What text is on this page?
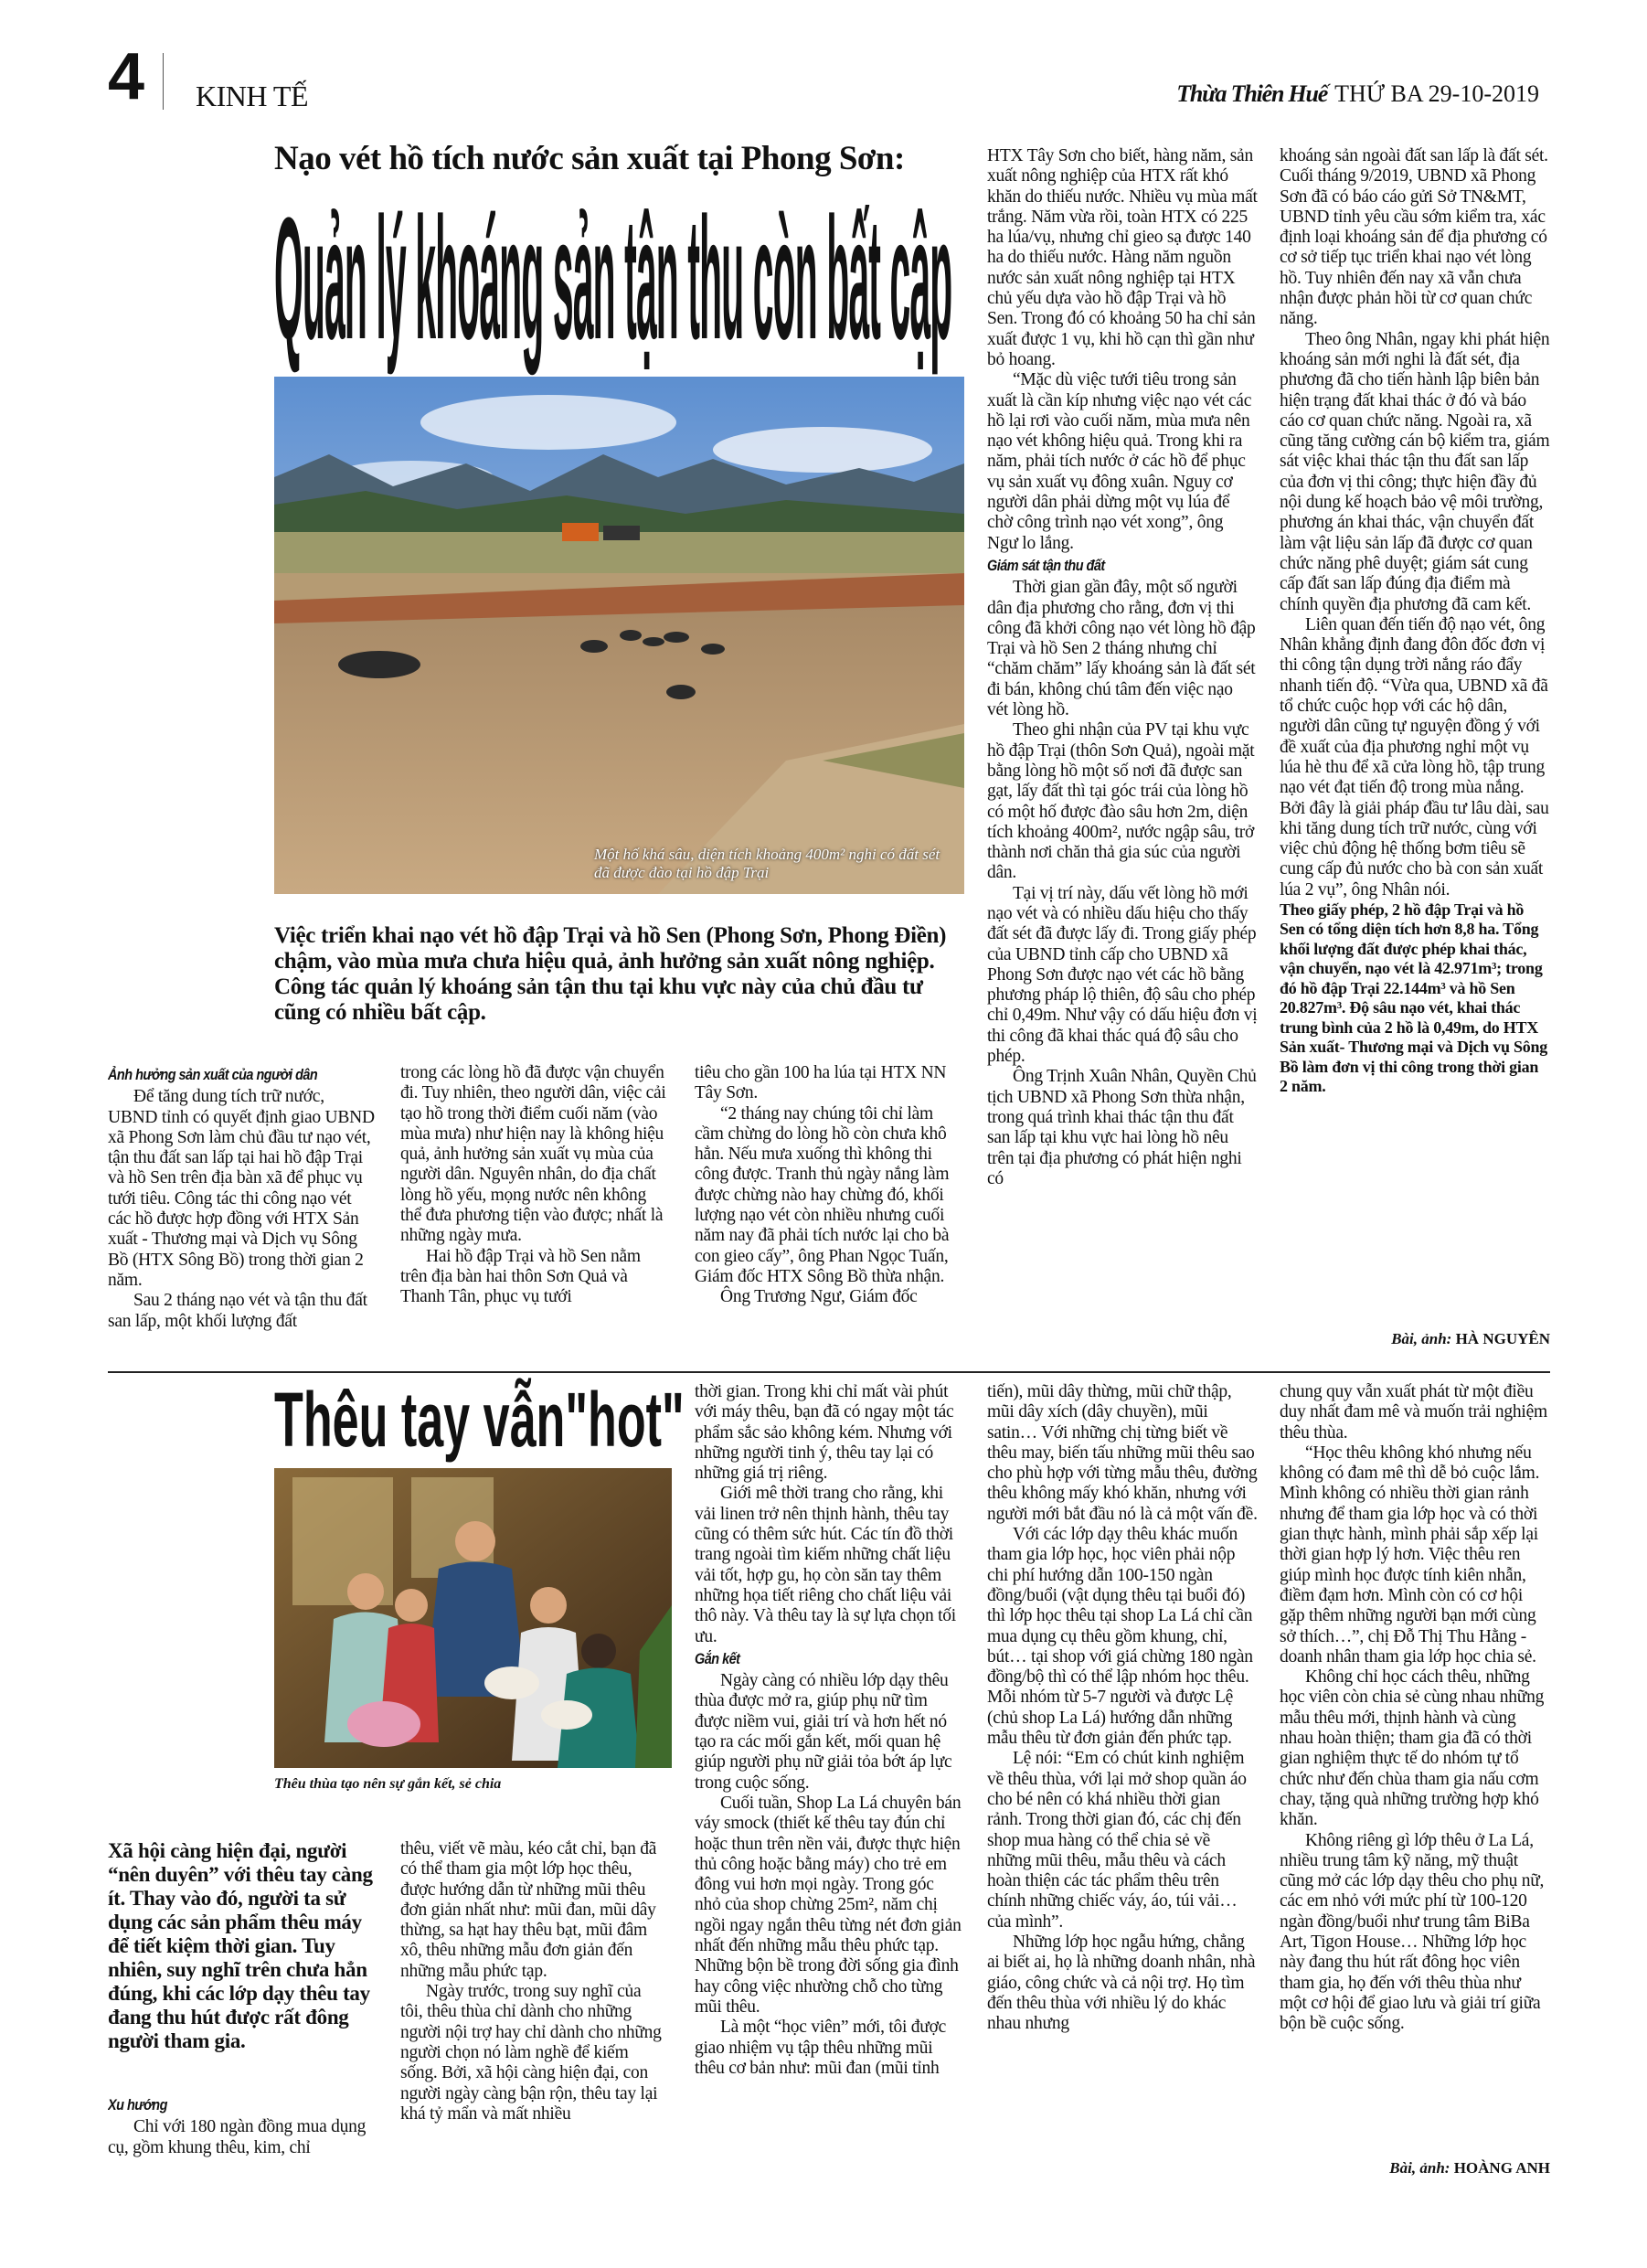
4 KINH TẾ	Thừa Thiên Huế THỨ BA 29-10-2019
Nạo vét hồ tích nước sản xuất tại Phong Sơn:
Quản lý khoáng sản tận thu còn bất cập
Một hố khá sâu, diện tích khoảng 400m² nghi có đất sét đã được đào tại hồ đập Trại
Việc triển khai nạo vét hồ đập Trại và hồ Sen (Phong Sơn, Phong Điền) chậm, vào mùa mưa chưa hiệu quả, ảnh hưởng sản xuất nông nghiệp. Công tác quản lý khoáng sản tận thu tại khu vực này của chủ đầu tư cũng có nhiều bất cập.
Ảnh hưởng sản xuất của người dân

Để tăng dung tích trữ nước, UBND tỉnh có quyết định giao UBND xã Phong Sơn làm chủ đầu tư nạo vét, tận thu đất san lấp tại hai hồ đập Trại và hồ Sen trên địa bàn xã để phục vụ tưới tiêu. Công tác thi công nạo vét các hồ được hợp đồng với HTX Sản xuất - Thương mại và Dịch vụ Sông Bồ (HTX Sông Bồ) trong thời gian 2 năm.

Sau 2 tháng nạo vét và tận thu đất san lấp, một khối lượng đất

trong các lòng hồ đã được vận chuyển đi. Tuy nhiên, theo người dân, việc cải tạo hồ trong thời điểm cuối năm (vào mùa mưa) như hiện nay là không hiệu quả, ảnh hưởng sản xuất vụ mùa của người dân. Nguyên nhân, do địa chất lòng hồ yếu, mọng nước nên không thể đưa phương tiện vào được; nhất là những ngày mưa.

Hai hồ đập Trại và hồ Sen nằm trên địa bàn hai thôn Sơn Quả và Thanh Tân, phục vụ tưới

tiêu cho gần 100 ha lúa tại HTX NN Tây Sơn.

“2 tháng nay chúng tôi chỉ làm cầm chừng do lòng hồ còn chưa khô hẳn. Nếu mưa xuống thì không thi công được. Tranh thủ ngày nắng làm được chừng nào hay chừng đó, khối lượng nạo vét còn nhiều nhưng cuối năm nay đã phải tích nước lại cho bà con gieo cấy”, ông Phan Ngọc Tuấn, Giám đốc HTX Sông Bồ thừa nhận.

Ông Trương Ngư, Giám đốc

HTX Tây Sơn cho biết, hàng năm, sản xuất nông nghiệp của HTX rất khó khăn do thiếu nước. Nhiều vụ mùa mất trắng. Năm vừa rồi, toàn HTX có 225 ha lúa/vụ, nhưng chỉ gieo sạ được 140 ha do thiếu nước. Hàng năm nguồn nước sản xuất nông nghiệp tại HTX chủ yếu dựa vào hồ đập Trại và hồ Sen. Trong đó có khoảng 50 ha chỉ sản xuất được 1 vụ, khi hồ cạn thì gần như bỏ hoang.

“Mặc dù việc tưới tiêu trong sản xuất là cần kíp nhưng việc nạo vét các hồ lại rơi vào cuối năm, mùa mưa nên nạo vét không hiệu quả. Trong khi ra năm, phải tích nước ở các hồ để phục vụ sản xuất vụ đông xuân. Nguy cơ người dân phải dừng một vụ lúa để chờ công trình nạo vét xong”, ông Ngư lo lắng.

Giám sát tận thu đất

Thời gian gần đây, một số người dân địa phương cho rằng, đơn vị thi công đã khởi công nạo vét lòng hồ đập Trại và hồ Sen 2 tháng nhưng chỉ “chăm chăm” lấy khoáng sản là đất sét đi bán, không chú tâm đến việc nạo vét lòng hồ.

Theo ghi nhận của PV tại khu vực hồ đập Trại (thôn Sơn Quả), ngoài mặt bằng lòng hồ một số nơi đã được san gạt, lấy đất thì tại góc trái của lòng hồ có một hố được đào sâu hơn 2m, diện tích khoảng 400m², nước ngập sâu, trở thành nơi chăn thả gia súc của người dân.

Tại vị trí này, dấu vết lòng hồ mới nạo vét và có nhiều dấu hiệu cho thấy đất sét đã được lấy đi. Trong giấy phép của UBND tỉnh cấp cho UBND xã Phong Sơn được nạo vét các hồ bằng phương pháp lộ thiên, độ sâu cho phép chỉ 0,49m. Như vậy có dấu hiệu đơn vị thi công đã khai thác quá độ sâu cho phép.

Ông Trịnh Xuân Nhân, Quyền Chủ tịch UBND xã Phong Sơn thừa nhận, trong quá trình khai thác tận thu đất san lấp tại khu vực hai lòng hồ nêu trên tại địa phương có phát hiện nghi có

khoáng sản ngoài đất san lấp là đất sét. Cuối tháng 9/2019, UBND xã Phong Sơn đã có báo cáo gửi Sở TN&MT, UBND tỉnh yêu cầu sớm kiểm tra, xác định loại khoáng sản để địa phương có cơ sở tiếp tục triển khai nạo vét lòng hồ. Tuy nhiên đến nay xã vẫn chưa nhận được phản hồi từ cơ quan chức năng.

Theo ông Nhân, ngay khi phát hiện khoáng sản mới nghi là đất sét, địa phương đã cho tiến hành lập biên bản hiện trạng đất khai thác ở đó và báo cáo cơ quan chức năng. Ngoài ra, xã cũng tăng cường cán bộ kiểm tra, giám sát việc khai thác tận thu đất san lấp của đơn vị thi công; thực hiện đầy đủ nội dung kế hoạch bảo vệ môi trường, phương án khai thác, vận chuyển đất làm vật liệu sản lấp đã được cơ quan chức năng phê duyệt; giám sát cung cấp đất san lấp đúng địa điểm mà chính quyền địa phương đã cam kết.

Liên quan đến tiến độ nạo vét, ông Nhân khẳng định đang đôn đốc đơn vị thi công tận dụng trời nắng ráo đẩy nhanh tiến độ. “Vừa qua, UBND xã đã tổ chức cuộc họp với các hộ dân, người dân cũng tự nguyện đồng ý với đề xuất của địa phương nghỉ một vụ lúa hè thu để xã cửa lòng hồ, tập trung nạo vét đạt tiến độ trong mùa nắng. Bởi đây là giải pháp đầu tư lâu dài, sau khi tăng dung tích trữ nước, cùng với việc chủ động hệ thống bơm tiêu sẽ cung cấp đủ nước cho bà con sản xuất lúa 2 vụ”, ông Nhân nói.

Theo giấy phép, 2 hồ đập Trại và hồ Sen có tổng diện tích hơn 8,8 ha. Tổng khối lượng đất được phép khai thác, vận chuyển, nạo vét là 42.971m³; trong đó hồ đập Trại 22.144m³ và hồ Sen 20.827m³. Độ sâu nạo vét, khai thác trung bình của 2 hồ là 0,49m, do HTX Sản xuất- Thương mại và Dịch vụ Sông Bồ làm đơn vị thi công trong thời gian 2 năm.

Bài, ảnh: HÀ NGUYÊN
Thêu tay vẫn"hot"
Thêu thùa tạo nên sự gắn kết, sẻ chia
Xã hội càng hiện đại, người “nên duyên” với thêu tay càng ít. Thay vào đó, người ta sử dụng các sản phẩm thêu máy để tiết kiệm thời gian. Tuy nhiên, suy nghĩ trên chưa hẳn đúng, khi các lớp dạy thêu tay đang thu hút được rất đông người tham gia.
Xu hướng

Chỉ với 180 ngàn đồng mua dụng cụ, gồm khung thêu, kim, chỉ

thêu, viết vẽ màu, kéo cắt chỉ, bạn đã có thể tham gia một lớp học thêu, được hướng dẫn từ những mũi thêu đơn giản nhất như: mũi đan, mũi dây thừng, sa hạt hay thêu bạt, mũi đâm xô, thêu những mẫu đơn giản đến những mẫu phức tạp.

Ngày trước, trong suy nghĩ của tôi, thêu thùa chỉ dành cho những người nội trợ hay chỉ dành cho những người chọn nó làm nghề để kiếm sống. Bởi, xã hội càng hiện đại, con người ngày càng bận rộn, thêu tay lại khá tỷ mẩn và mất nhiều

thời gian. Trong khi chỉ mất vài phút với máy thêu, bạn đã có ngay một tác phẩm sắc sảo không kém. Nhưng với những người tinh ý, thêu tay lại có những giá trị riêng.

Giới mê thời trang cho rằng, khi vải linen trở nên thịnh hành, thêu tay cũng có thêm sức hút. Các tín đồ thời trang ngoài tìm kiếm những chất liệu vải tốt, hợp gu, họ còn săn tay thêm những họa tiết riêng cho chất liệu vải thô này. Và thêu tay là sự lựa chọn tối ưu.

Gắn kết

Ngày càng có nhiều lớp dạy thêu thùa được mở ra, giúp phụ nữ tìm được niềm vui, giải trí và hơn hết nó tạo ra các mối gắn kết, mối quan hệ giúp người phụ nữ giải tỏa bớt áp lực trong cuộc sống.

Cuối tuần, Shop La Lá chuyên bán váy smock (thiết kế thêu tay đún chỉ hoặc thun trên nền vải, được thực hiện thủ công hoặc bằng máy) cho trẻ em đông vui hơn mọi ngày. Trong góc nhỏ của shop chừng 25m², năm chị ngồi ngay ngắn thêu từng nét đơn giản nhất đến những mẫu thêu phức tạp. Những bộn bề trong đời sống gia đình hay công việc nhường chỗ cho từng mũi thêu.

Là một “học viên” mới, tôi được giao nhiệm vụ tập thêu những mũi thêu cơ bản như: mũi đan (mũi tỉnh

tiến), mũi dây thừng, mũi chữ thập, mũi dây xích (dây chuyền), mũi satin… Với những chị từng biết về thêu may, biến tấu những mũi thêu sao cho phù hợp với từng mẫu thêu, đường thêu không mấy khó khăn, nhưng với người mới bắt đầu nó là cả một vấn đề.

Với các lớp dạy thêu khác muốn tham gia lớp học, học viên phải nộp chi phí hướng dẫn 100-150 ngàn đồng/buổi (vật dụng thêu tại buổi đó) thì lớp học thêu tại shop La Lá chỉ cần mua dụng cụ thêu gồm khung, chỉ, bút… tại shop với giá chừng 180 ngàn đồng/bộ thì có thể lập nhóm học thêu. Mỗi nhóm từ 5-7 người và được Lệ (chủ shop La Lá) hướng dẫn những mẫu thêu từ đơn giản đến phức tạp.

Lệ nói: “Em có chút kinh nghiệm về thêu thùa, với lại mở shop quần áo cho bé nên có khá nhiều thời gian rảnh. Trong thời gian đó, các chị đến shop mua hàng có thể chia sẻ về những mũi thêu, mẫu thêu và cách hoàn thiện các tác phẩm thêu trên chính những chiếc váy, áo, túi vải… của mình”.

Những lớp học ngẫu hứng, chẳng ai biết ai, họ là những doanh nhân, nhà giáo, công chức và cả nội trợ. Họ tìm đến thêu thùa với nhiều lý do khác nhau nhưng

chung quy vẫn xuất phát từ một điều duy nhất đam mê và muốn trải nghiệm thêu thùa.

“Học thêu không khó nhưng nếu không có đam mê thì dễ bỏ cuộc lắm. Mình không có nhiều thời gian rảnh nhưng để tham gia lớp học và có thời gian thực hành, mình phải sắp xếp lại thời gian hợp lý hơn. Việc thêu ren giúp mình học được tính kiên nhẫn, điềm đạm hơn. Mình còn có cơ hội gặp thêm những người bạn mới cùng sở thích…”, chị Đỗ Thị Thu Hằng - doanh nhân tham gia lớp học chia sẻ.

Không chỉ học cách thêu, những học viên còn chia sẻ cùng nhau những mẫu thêu mới, thịnh hành và cùng nhau hoàn thiện; tham gia đã có thời gian nghiệm thực tế do nhóm tự tổ chức như đến chùa tham gia nấu cơm chay, tặng quà những trường hợp khó khăn.

Không riêng gì lớp thêu ở La Lá, nhiều trung tâm kỹ năng, mỹ thuật cũng mở các lớp dạy thêu cho phụ nữ, các em nhỏ với mức phí từ 100-120 ngàn đồng/buổi như trung tâm BiBa Art, Tigon House… Những lớp học này đang thu hút rất đông học viên tham gia, họ đến với thêu thùa như một cơ hội để giao lưu và giải trí giữa bộn bề cuộc sống.

Bài, ảnh: HOÀNG ANH
